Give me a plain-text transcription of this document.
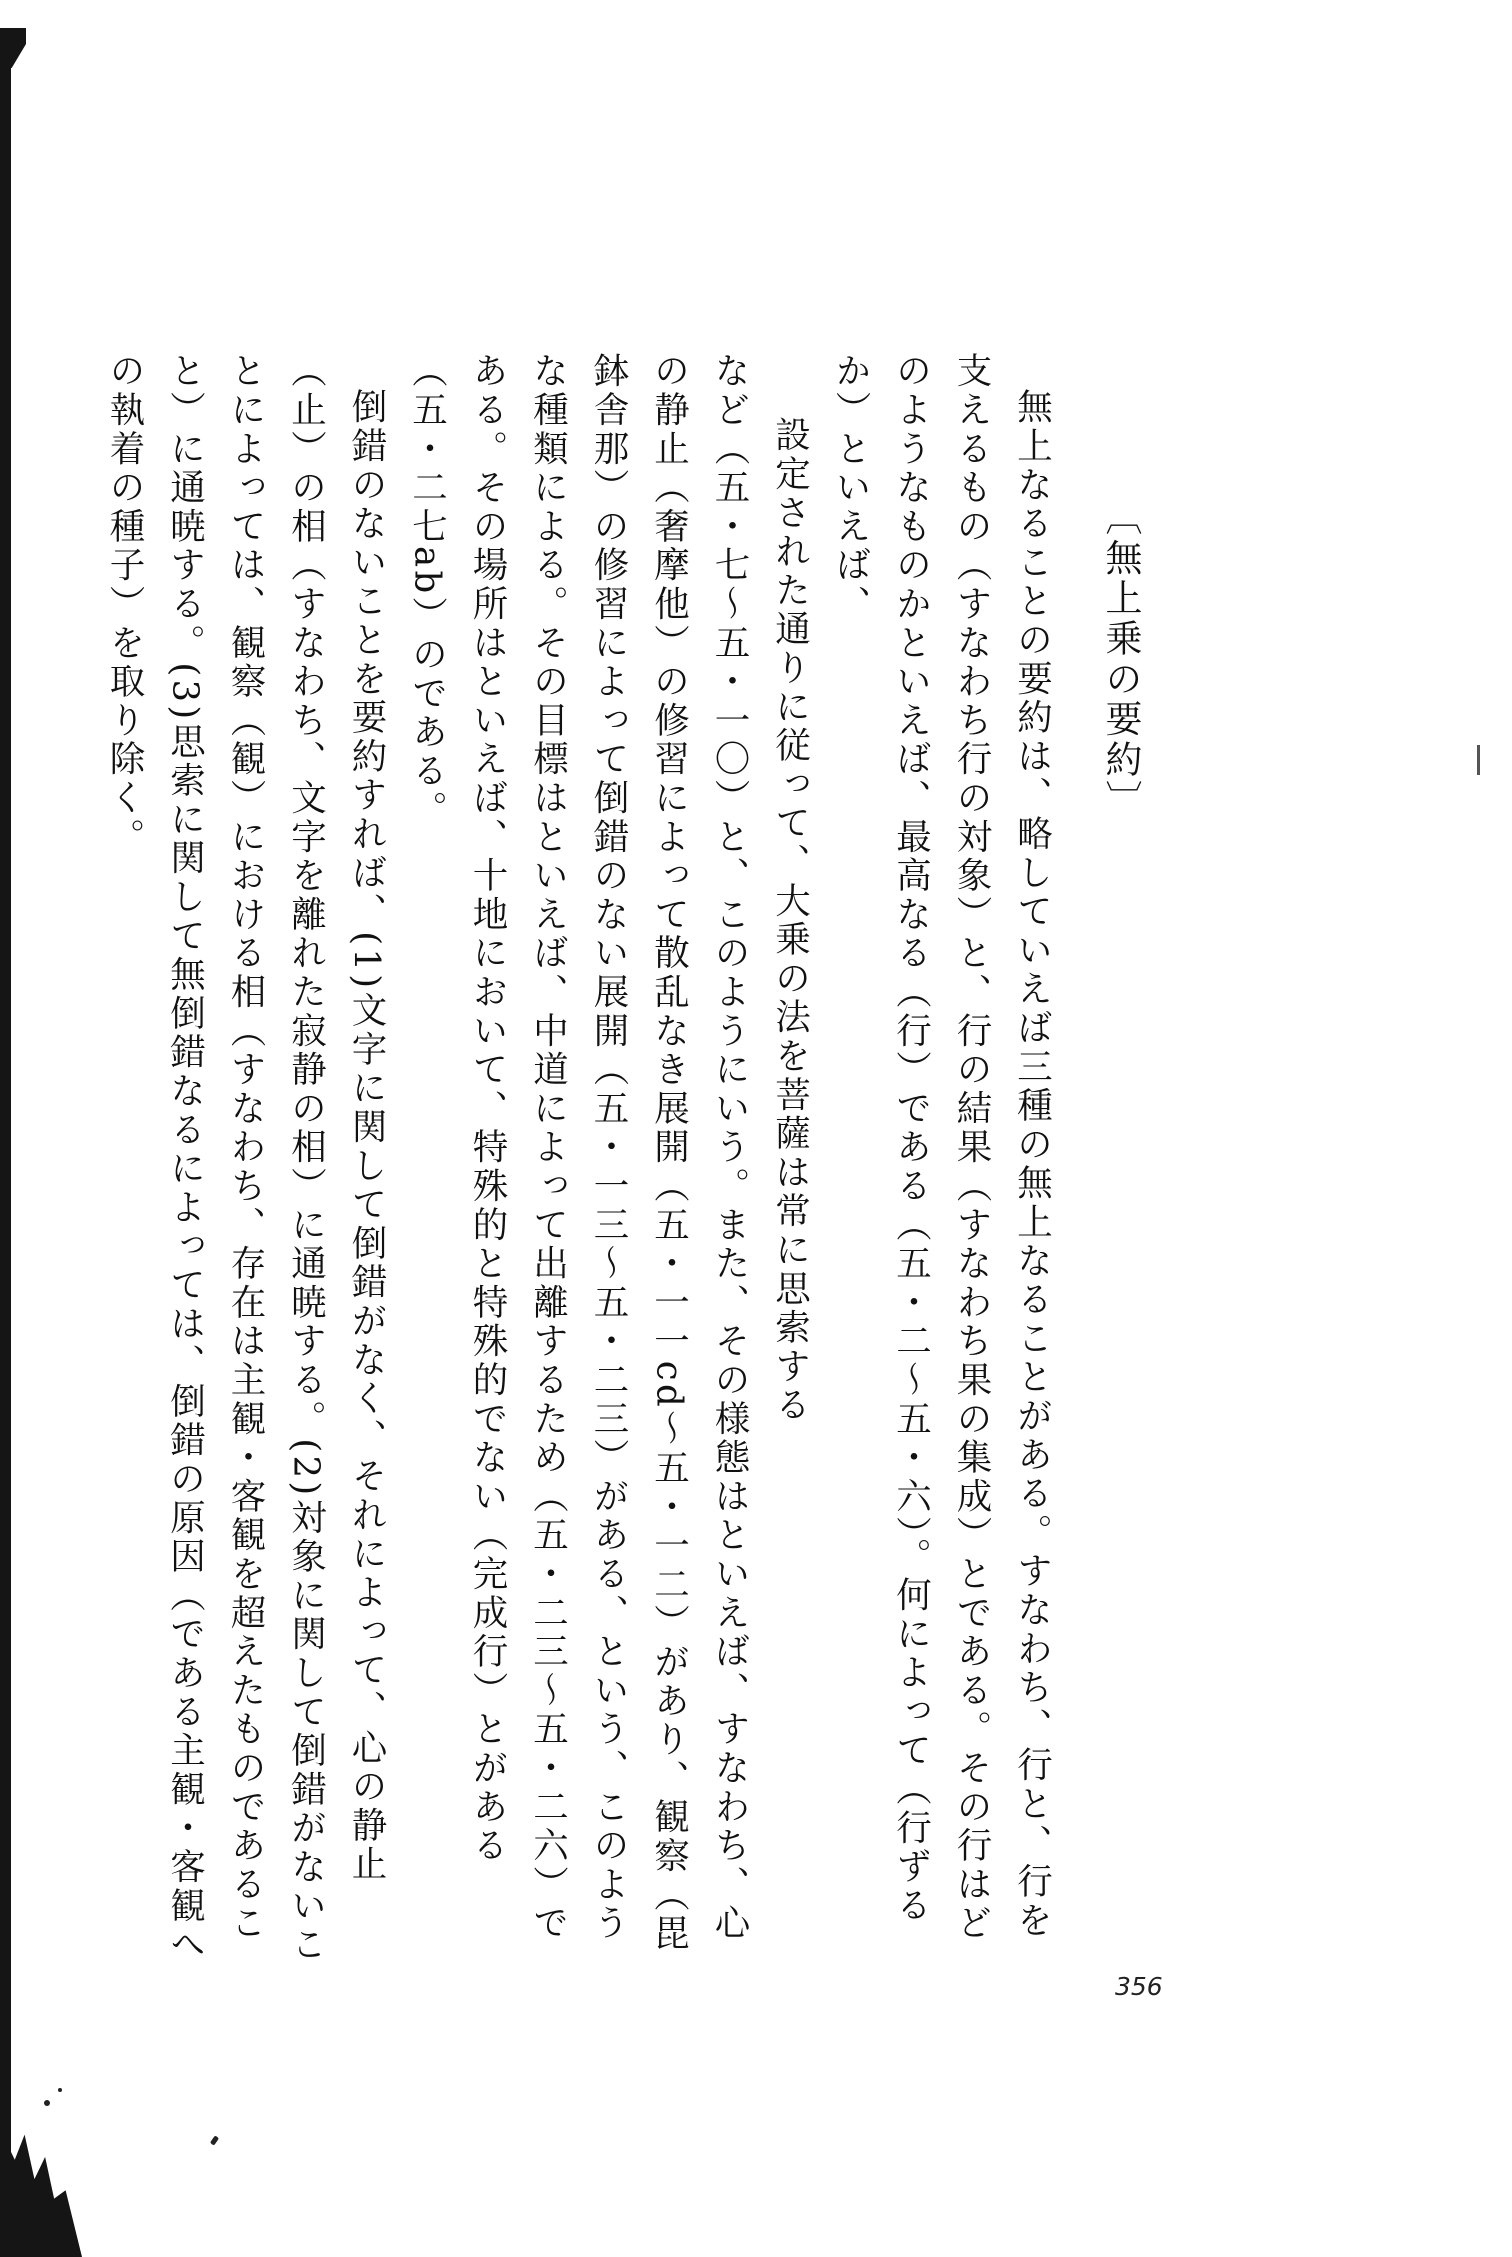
〔無上乗の要約〕

無上なることの要約は、略していえば三種の無上なることがある。すなわち、行と、行を支えるもの（すなわち行の対象）と、行の結果（すなわち果の集成）とである。その行はどのようなものかといえば、最高なる（行）である（五・二〜五・六）。何によって（行ずるか）といえば、

設定された通りに従って、大乗の法を菩薩は常に思索する

など（五・七〜五・一〇）と、このようにいう。また、その様態はといえば、すなわち、心の静止（奢摩他）の修習によって散乱なき展開（五・一一cd〜五・一二）があり、観察（毘鉢舎那）の修習によって倒錯のない展開（五・一三〜五・二三）がある、という、このような種類による。その目標はといえば、中道によって出離するため（五・二三〜五・二六）である。その場所はといえば、十地において、特殊的と特殊的でない（完成行）とがある（五・二七ab）のである。

倒錯のないことを要約すれば、(1)文字に関して倒錯がなく、それによって、心の静止（止）の相（すなわち、文字を離れた寂静の相）に通暁する。(2)対象に関して倒錯がないことによっては、観察（観）における相（すなわち、存在は主観・客観を超えたものであること）に通暁する。(3)思索に関して無倒錯なるによっては、倒錯の原因（である主観・客観への執着の種子）を取り除く。

356
